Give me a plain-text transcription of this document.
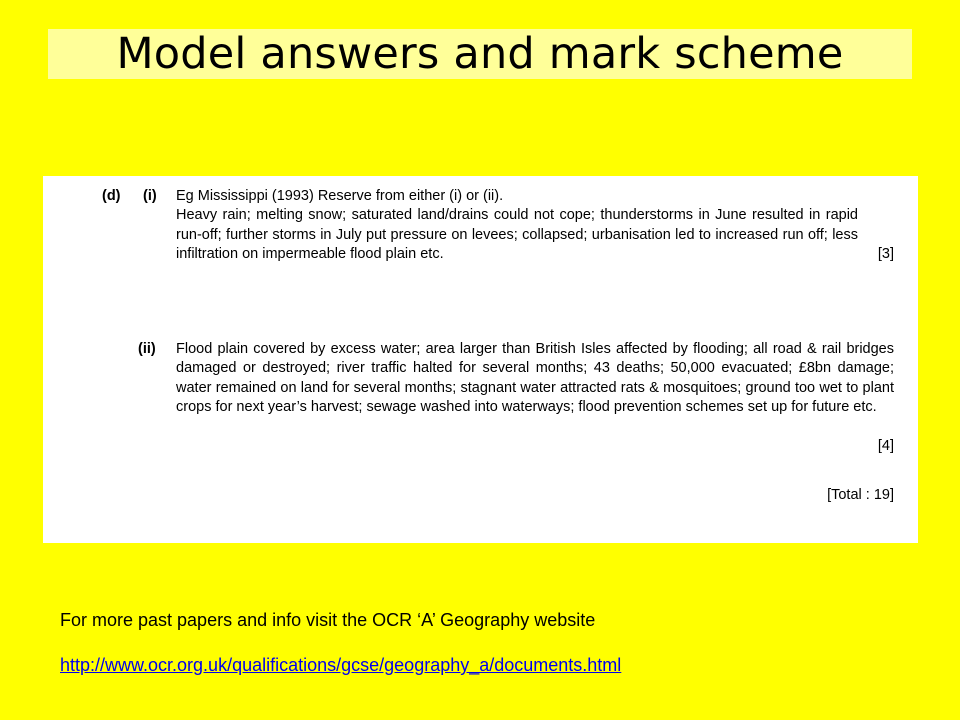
Model answers and mark scheme
(d) (i) Eg Mississippi (1993) Reserve from either (i) or (ii).

Heavy rain; melting snow; saturated land/drains could not cope; thunderstorms in June resulted in rapid run-off; further storms in July put pressure on levees; collapsed; urbanisation led to increased run off; less infiltration on impermeable flood plain etc.	[3]
(ii) Flood plain covered by excess water; area larger than British Isles affected by flooding; all road & rail bridges damaged or destroyed; river traffic halted for several months; 43 deaths; 50,000 evacuated; £8bn damage; water remained on land for several months; stagnant water attracted rats & mosquitoes; ground too wet to plant crops for next year’s harvest; sewage washed into waterways; flood prevention schemes set up for future etc.

[4]
[Total : 19]
For more past papers and info visit the OCR ‘A’ Geography website
http://www.ocr.org.uk/qualifications/gcse/geography_a/documents.html
